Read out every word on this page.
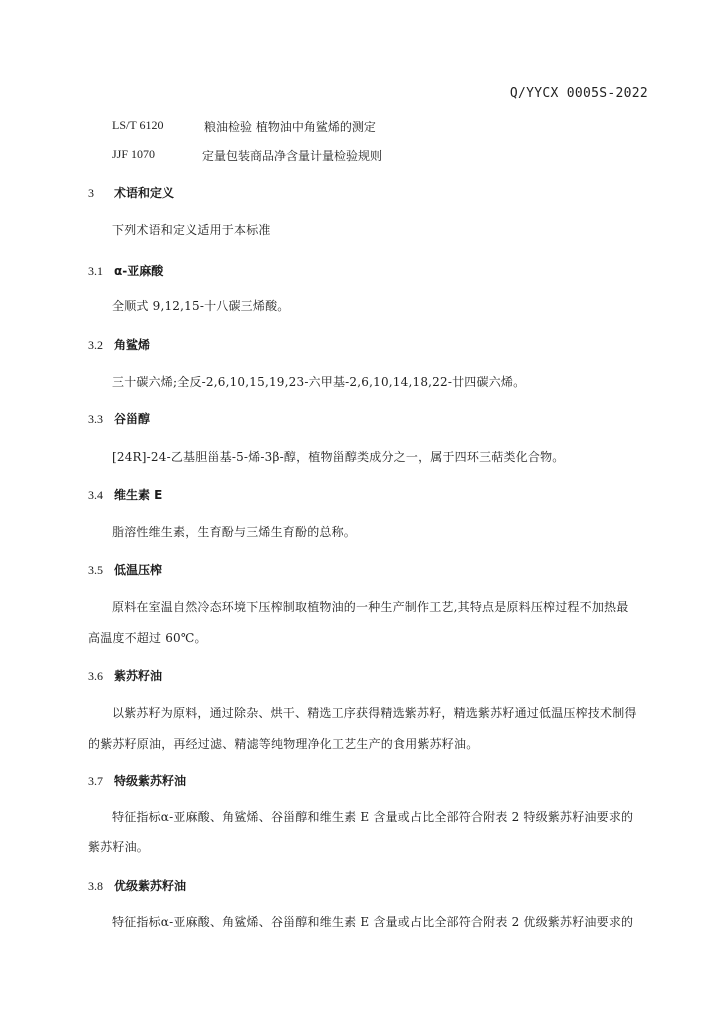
Q/YYCX 0005S-2022
LS/T 6120	粮油检验 植物油中角鲨烯的测定
JJF 1070	定量包装商品净含量计量检验规则
3 术语和定义
下列术语和定义适用于本标准
3.1 α-亚麻酸
全顺式 9,12,15-十八碳三烯酸。
3.2 角鲨烯
三十碳六烯;全反-2,6,10,15,19,23-六甲基-2,6,10,14,18,22-廿四碳六烯。
3.3 谷甾醇
[24R]-24-乙基胆甾基-5-烯-3β-醇，植物甾醇类成分之一，属于四环三萜类化合物。
3.4 维生素 E
脂溶性维生素，生育酚与三烯生育酚的总称。
3.5 低温压榨
原料在室温自然冷态环境下压榨制取植物油的一种生产制作工艺,其特点是原料压榨过程不加热最
高温度不超过 60℃。
3.6 紫苏籽油
以紫苏籽为原料，通过除杂、烘干、精选工序获得精选紫苏籽，精选紫苏籽通过低温压榨技术制得
的紫苏籽原油，再经过滤、精滤等纯物理净化工艺生产的食用紫苏籽油。
3.7 特级紫苏籽油
特征指标α-亚麻酸、角鲨烯、谷甾醇和维生素 E 含量或占比全部符合附表 2 特级紫苏籽油要求的
紫苏籽油。
3.8 优级紫苏籽油
特征指标α-亚麻酸、角鲨烯、谷甾醇和维生素 E 含量或占比全部符合附表 2 优级紫苏籽油要求的
